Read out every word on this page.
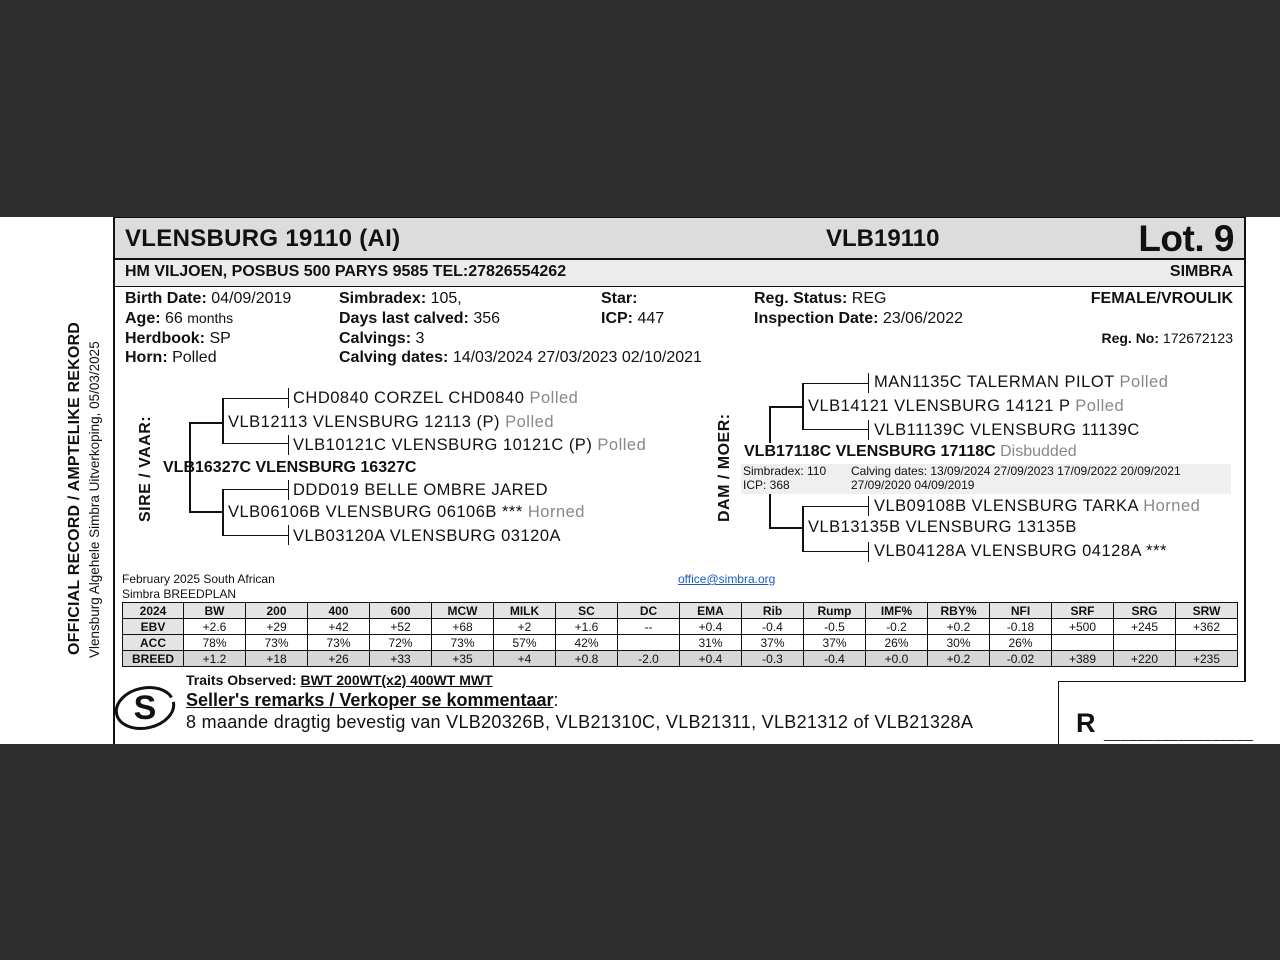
OFFICIAL RECORD / AMPTELIKE REKORD Vlensburg Algehele Simbra Uitverkoping, 05/03/2025
VLENSBURG 19110 (AI)	VLB19110	Lot. 9
HM VILJOEN, POSBUS 500 PARYS 9585 TEL:27826554262	SIMBRA
Birth Date: 04/09/2019
Age: 66 months
Herdbook: SP
Horn: Polled
Simbradex: 105,
Days last calved: 356
Calvings: 3
Calving dates: 14/03/2024 27/03/2023 02/10/2021
Star:
ICP: 447
Reg. Status: REG
Inspection Date: 23/06/2022
FEMALE/VROULIK
Reg. No: 172672123
SIRE / VAAR:
CHD0840 CORZEL CHD0840 Polled
VLB12113 VLENSBURG 12113 (P) Polled
VLB10121C VLENSBURG 10121C (P) Polled
VLB16327C VLENSBURG 16327C
DDD019 BELLE OMBRE JARED
VLB06106B VLENSBURG 06106B *** Horned
VLB03120A VLENSBURG 03120A
DAM / MOER:
MAN1135C TALERMAN PILOT Polled
VLB14121 VLENSBURG 14121 P Polled
VLB11139C VLENSBURG 11139C
VLB17118C VLENSBURG 17118C Disbudded
Simbradex: 110
ICP: 368
Calving dates: 13/09/2024 27/09/2023 17/09/2022 20/09/2021
27/09/2020 04/09/2019
VLB09108B VLENSBURG TARKA Horned
VLB13135B VLENSBURG 13135B
VLB04128A VLENSBURG 04128A ***
February 2025 South African
Simbra BREEDPLAN
office@simbra.org
2024	BW	200	400	600	MCW	MILK	SC	DC	EMA	Rib	Rump	IMF%	RBY%	NFI	SRF	SRG	SRW
EBV	+2.6	+29	+42	+52	+68	+2	+1.6	--	+0.4	-0.4	-0.5	-0.2	+0.2	-0.18	+500	+245	+362
ACC	78%	73%	73%	72%	73%	57%	42%		31%	37%	37%	26%	30%	26%			
BREED	+1.2	+18	+26	+33	+35	+4	+0.8	-2.0	+0.4	-0.3	-0.4	+0.0	+0.2	-0.02	+389	+220	+235
S
Traits Observed: BWT 200WT(x2) 400WT MWT
Seller's remarks / Verkoper se kommentaar:
8 maande dragtig bevestig van VLB20326B, VLB21310C, VLB21311, VLB21312 of VLB21328A	R __________________
